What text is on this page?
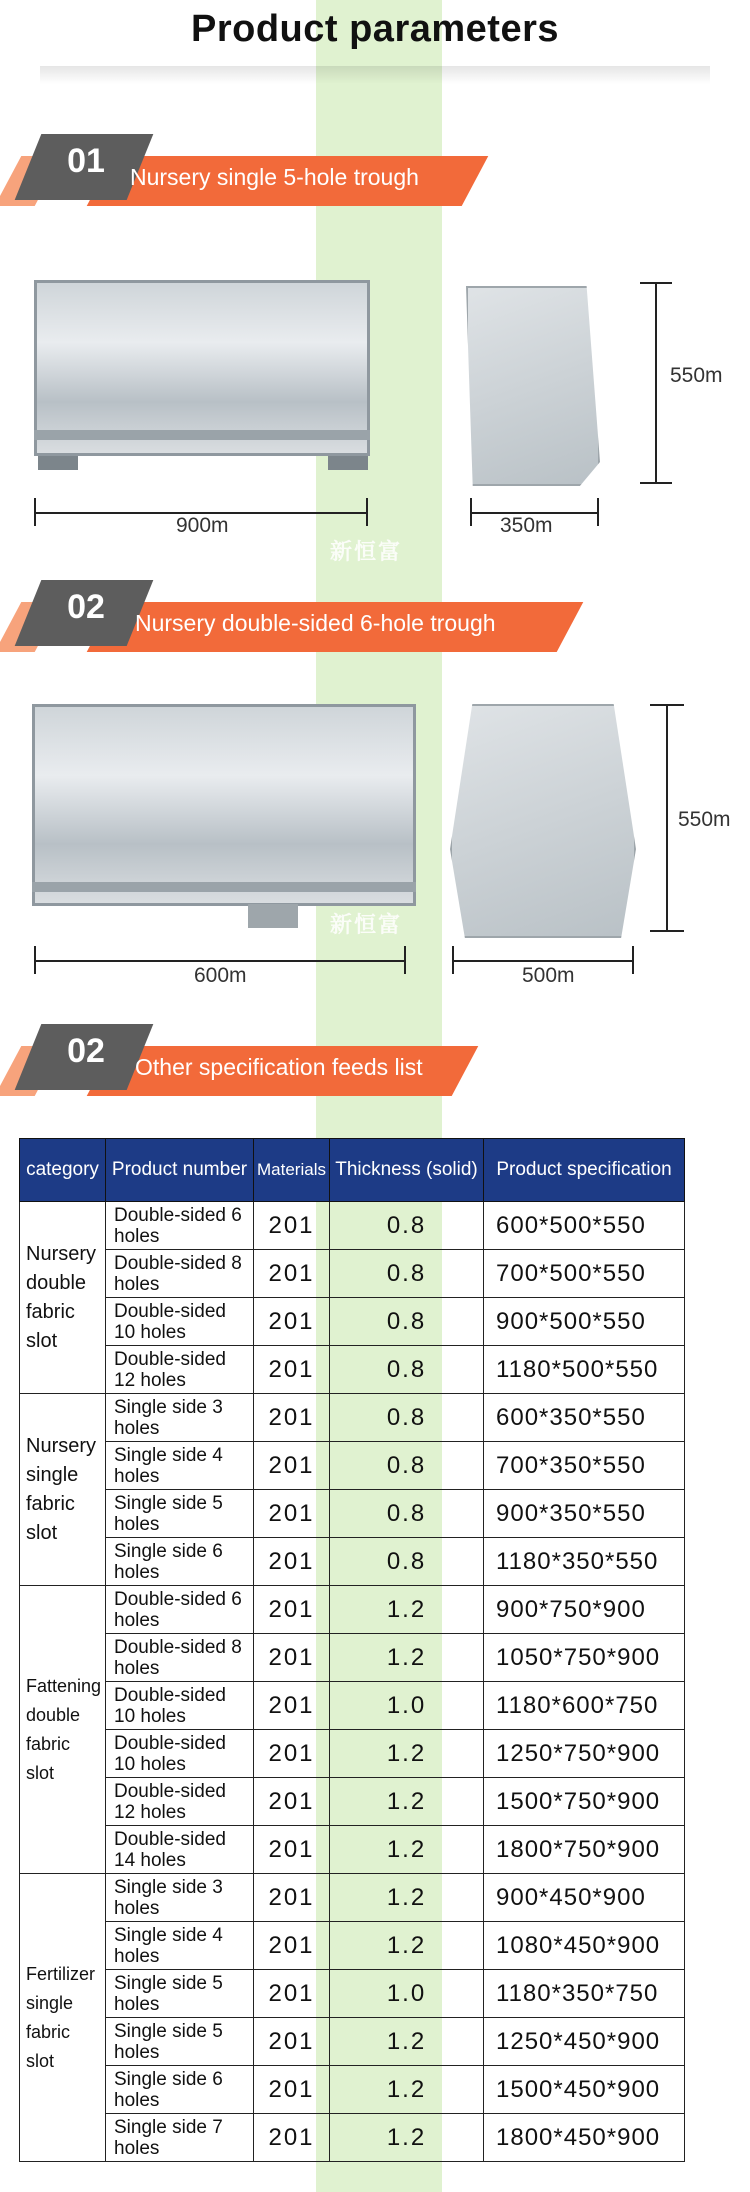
Product parameters
01	Nursery single 5-hole trough
900m	350m
550m
新恒富
02	Nursery double-sided 6-hole trough
600m	500m
550m
新恒富
02	Other specification feeds list
category	Product number	Materials	Thickness (solid)	Product specification
Nursery double fabric slot	Double-sided 6 holes	201	0.8	600*500*550
	Double-sided 8 holes	201	0.8	700*500*550
	Double-sided 10 holes	201	0.8	900*500*550
	Double-sided 12 holes	201	0.8	1180*500*550
Nursery single fabric slot	Single side 3 holes	201	0.8	600*350*550
	Single side 4 holes	201	0.8	700*350*550
	Single side 5 holes	201	0.8	900*350*550
	Single side 6 holes	201	0.8	1180*350*550
Fattening double fabric slot	Double-sided 6 holes	201	1.2	900*750*900
	Double-sided 8 holes	201	1.2	1050*750*900
	Double-sided 10 holes	201	1.0	1180*600*750
	Double-sided 10 holes	201	1.2	1250*750*900
	Double-sided 12 holes	201	1.2	1500*750*900
	Double-sided 14 holes	201	1.2	1800*750*900
Fertilizer single fabric slot	Single side 3 holes	201	1.2	900*450*900
	Single side 4 holes	201	1.2	1080*450*900
	Single side 5 holes	201	1.0	1180*350*750
	Single side 5 holes	201	1.2	1250*450*900
	Single side 6 holes	201	1.2	1500*450*900
	Single side 7 holes	201	1.2	1800*450*900
